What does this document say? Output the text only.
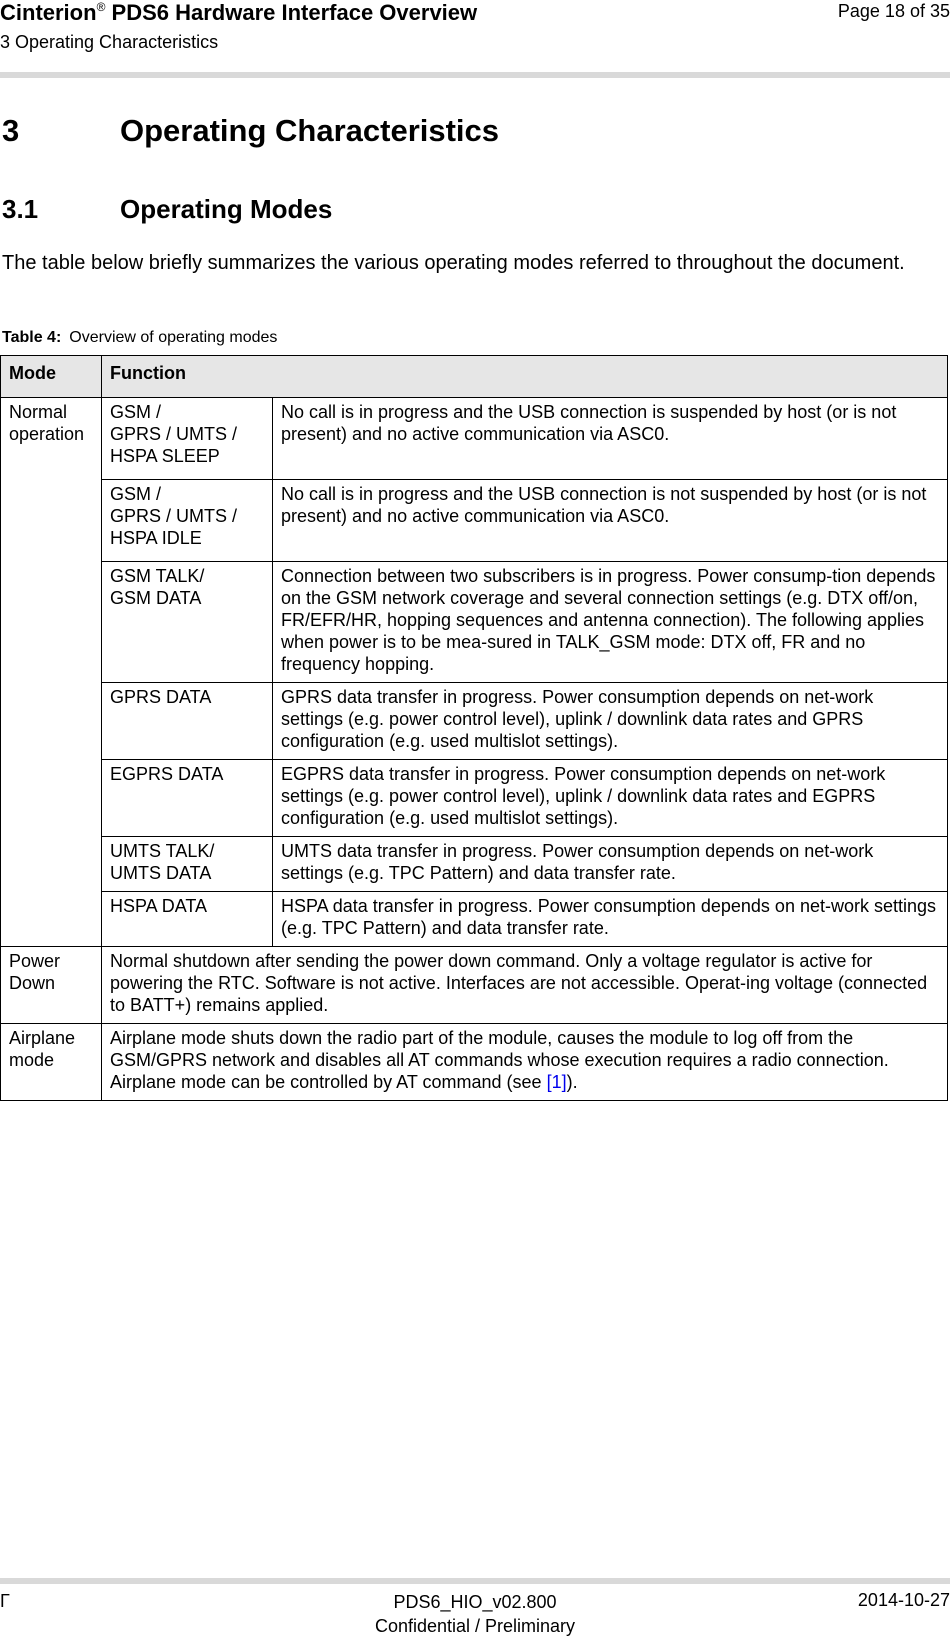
Cinterion® PDS6 Hardware Interface Overview
3 Operating Characteristics
Page 18 of 35
3	Operating Characteristics
3.1	Operating Modes
The table below briefly summarizes the various operating modes referred to throughout the document.
Table 4: Overview of operating modes
Mode	Function	
Normal operation	GSM /
GPRS / UMTS /
HSPA SLEEP	No call is in progress and the USB connection is suspended by host (or is not present) and no active communication via ASC0.
	GSM /
GPRS / UMTS /
HSPA IDLE	No call is in progress and the USB connection is not suspended by host (or is not present) and no active communication via ASC0.
	GSM TALK/
GSM DATA	Connection between two subscribers is in progress. Power consump-tion depends on the GSM network coverage and several connection settings (e.g. DTX off/on, FR/EFR/HR, hopping sequences and antenna connection). The following applies when power is to be mea-sured in TALK_GSM mode: DTX off, FR and no frequency hopping.
	GPRS DATA	GPRS data transfer in progress. Power consumption depends on net-work settings (e.g. power control level), uplink / downlink data rates and GPRS configuration (e.g. used multislot settings).
	EGPRS DATA	EGPRS data transfer in progress. Power consumption depends on net-work settings (e.g. power control level), uplink / downlink data rates and EGPRS configuration (e.g. used multislot settings).
	UMTS TALK/
UMTS DATA	UMTS data transfer in progress. Power consumption depends on net-work settings (e.g. TPC Pattern) and data transfer rate.
	HSPA DATA	HSPA data transfer in progress. Power consumption depends on net-work settings (e.g. TPC Pattern) and data transfer rate.
Power Down	Normal shutdown after sending the power down command. Only a voltage regulator is active for powering the RTC. Software is not active. Interfaces are not accessible. Operat-ing voltage (connected to BATT+) remains applied.	
Airplane mode	Airplane mode shuts down the radio part of the module, causes the module to log off from the GSM/GPRS network and disables all AT commands whose execution requires a radio connection.
Airplane mode can be controlled by AT command (see [1]).	
Γ	PDS6_HIO_v02.800
Confidential / Preliminary
2014-10-27
